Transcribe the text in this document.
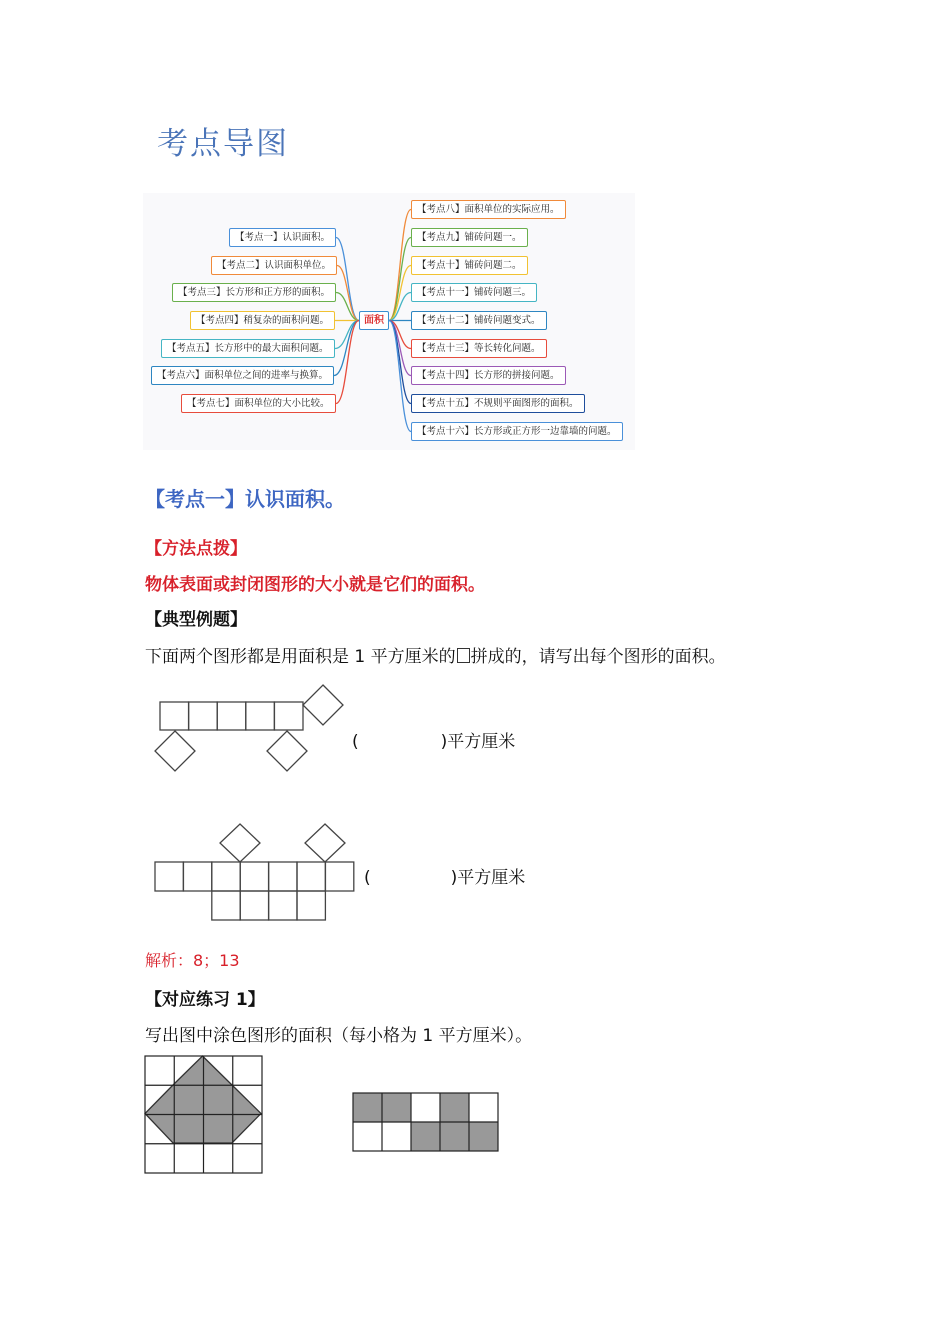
考点导图
面积
【考点一】认识面积。
【考点二】认识面积单位。
【考点三】长方形和正方形的面积。
【考点四】稍复杂的面积问题。
【考点五】长方形中的最大面积问题。
【考点六】面积单位之间的进率与换算。
【考点七】面积单位的大小比较。
【考点八】面积单位的实际应用。
【考点九】铺砖问题一。
【考点十】铺砖问题二。
【考点十一】铺砖问题三。
【考点十二】铺砖问题变式。
【考点十三】等长转化问题。
【考点十四】长方形的拼接问题。
【考点十五】不规则平面图形的面积。
【考点十六】长方形或正方形一边靠墙的问题。
【考点一】认识面积。
【方法点拨】
物体表面或封闭图形的大小就是它们的面积。
【典型例题】
下面两个图形都是用面积是 1 平方厘米的 拼成的，请写出每个图形的面积。
(	)平方厘米
(	)平方厘米
解析：8；13
【对应练习 1】
写出图中涂色图形的面积（每小格为 1 平方厘米）。
